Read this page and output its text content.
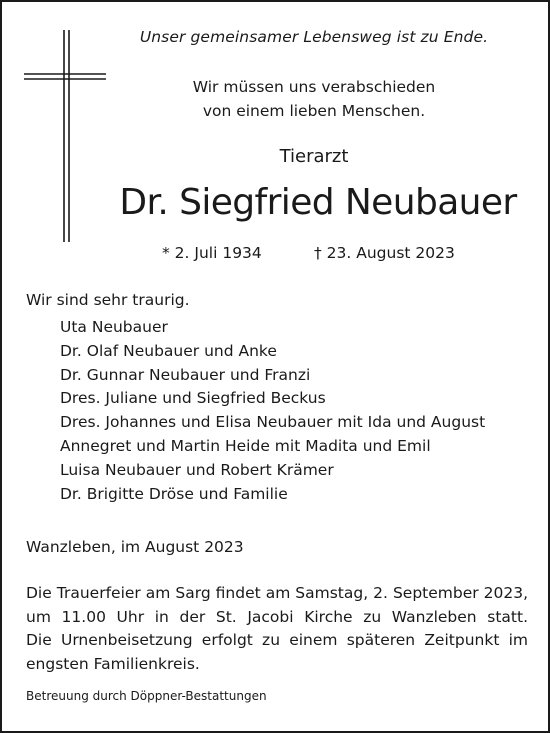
Unser gemeinsamer Lebensweg ist zu Ende.
Wir müssen uns verabschieden
von einem lieben Menschen.
Tierarzt
Dr. Siegfried Neubauer
* 2. Juli 1934	† 23. August 2023
Wir sind sehr traurig.
Uta Neubauer
Dr. Olaf Neubauer und Anke
Dr. Gunnar Neubauer und Franzi
Dres. Juliane und Siegfried Beckus
Dres. Johannes und Elisa Neubauer mit Ida und August
Annegret und Martin Heide mit Madita und Emil
Luisa Neubauer und Robert Krämer
Dr. Brigitte Dröse und Familie
Wanzleben, im August 2023
Die Trauerfeier am Sarg findet am Samstag, 2. September 2023,
um 11.00 Uhr in der St. Jacobi Kirche zu Wanzleben statt.
Die Urnenbeisetzung erfolgt zu einem späteren Zeitpunkt im
engsten Familienkreis.
Betreuung durch Döppner-Bestattungen
